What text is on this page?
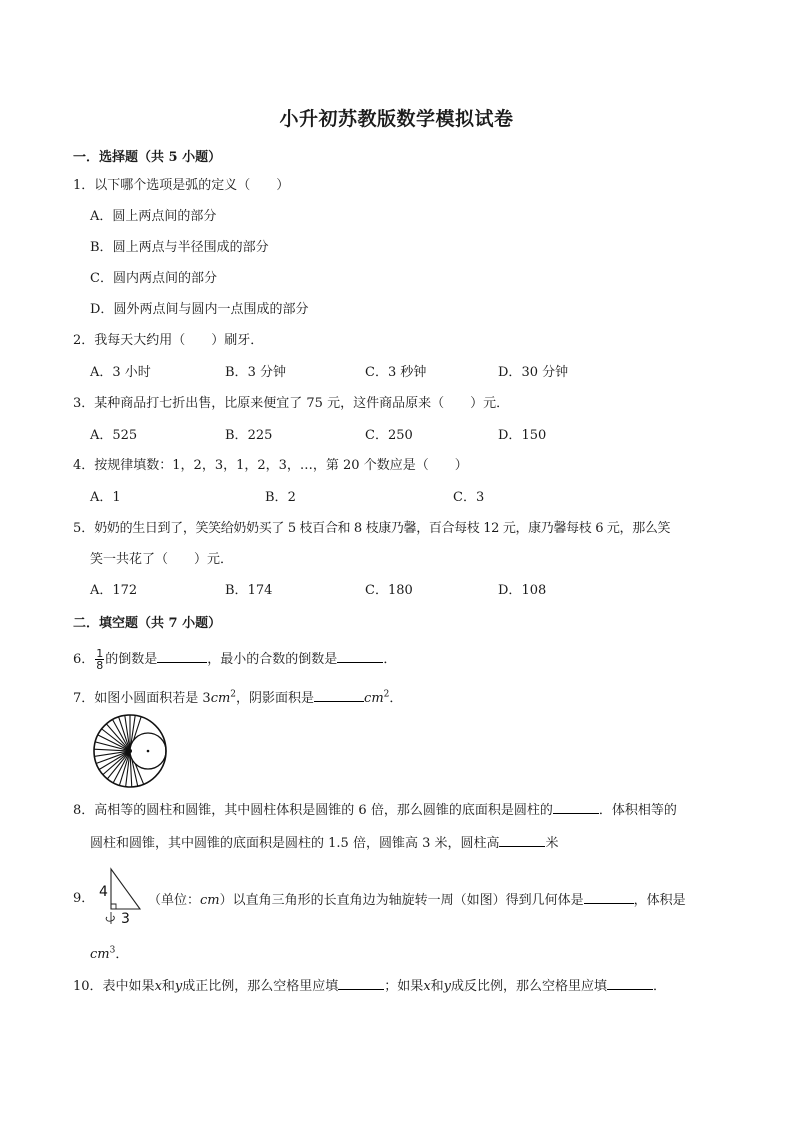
小升初苏教版数学模拟试卷
一．选择题（共 5 小题）
1．以下哪个选项是弧的定义（　　）
A．圆上两点间的部分
B．圆上两点与半径围成的部分
C．圆内两点间的部分
D．圆外两点间与圆内一点围成的部分
2．我每天大约用（　　）刷牙．
A．3 小时	B．3 分钟	C．3 秒钟	D．30 分钟
3．某种商品打七折出售，比原来便宜了 75 元，这件商品原来（　　）元．
A．525	B．225	C．250	D．150
4．按规律填数：1，2，3，1，2，3，…，第 20 个数应是（　　）
A．1	B．2	C．3
5．奶奶的生日到了，笑笑给奶奶买了 5 枝百合和 8 枝康乃馨，百合每枝 12 元，康乃馨每枝 6 元，那么笑
笑一共花了（　　）元．
A．172	B．174	C．180	D．108
二．填空题（共 7 小题）
6． $\frac{1}{8}$ 的倒数是	，最小的合数的倒数是	．
7．如图小圆面积若是 $3cm^2$，阴影面积是	$cm^2$．
8．高相等的圆柱和圆锥，其中圆柱体积是圆锥的 6 倍，那么圆锥的底面积是圆柱的	．体积相等的
圆柱和圆锥，其中圆锥的底面积是圆柱的 1.5 倍，圆锥高 3 米，圆柱高	米
9． 4
3
（单位：cm）以直角三角形的长直角边为轴旋转一周（如图）得到几何体是	，体积是
$cm^3$．
10．表中如果x和y成正比例，那么空格里应填	；如果x和y成反比例，那么空格里应填	．
